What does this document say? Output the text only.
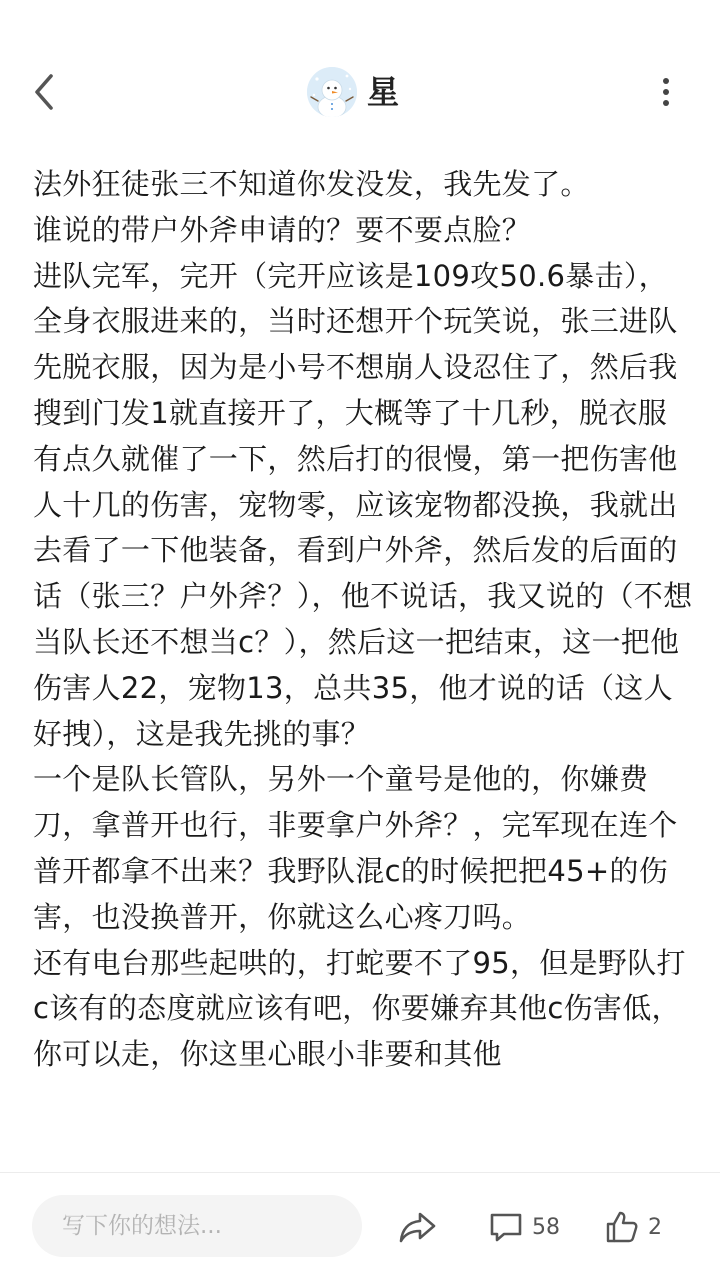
星

法外狂徒张三不知道你发没发，我先发了。

谁说的带户外斧申请的？要不要点脸？

进队完军，完开（完开应该是109攻50.6暴击），全身衣服进来的，当时还想开个玩笑说，张三进队先脱衣服，因为是小号不想崩人设忍住了，然后我搜到门发1就直接开了，大概等了十几秒，脱衣服有点久就催了一下，然后打的很慢，第一把伤害他人十几的伤害，宠物零，应该宠物都没换，我就出去看了一下他装备，看到户外斧，然后发的后面的话（张三？户外斧？），他不说话，我又说的（不想当队长还不想当c？），然后这一把结束，这一把他伤害人22，宠物13，总共35，他才说的话（这人好拽），这是我先挑的事？

一个是队长管队，另外一个童号是他的，你嫌费刀，拿普开也行，非要拿户外斧？，完军现在连个普开都拿不出来？我野队混c的时候把把45+的伤害，也没换普开，你就这么心疼刀吗。

还有电台那些起哄的，打蛇要不了95，但是野队打c该有的态度就应该有吧，你要嫌弃其他c伤害低，你可以走，你这里心眼小非要和其他

写下你的想法...
58	2
